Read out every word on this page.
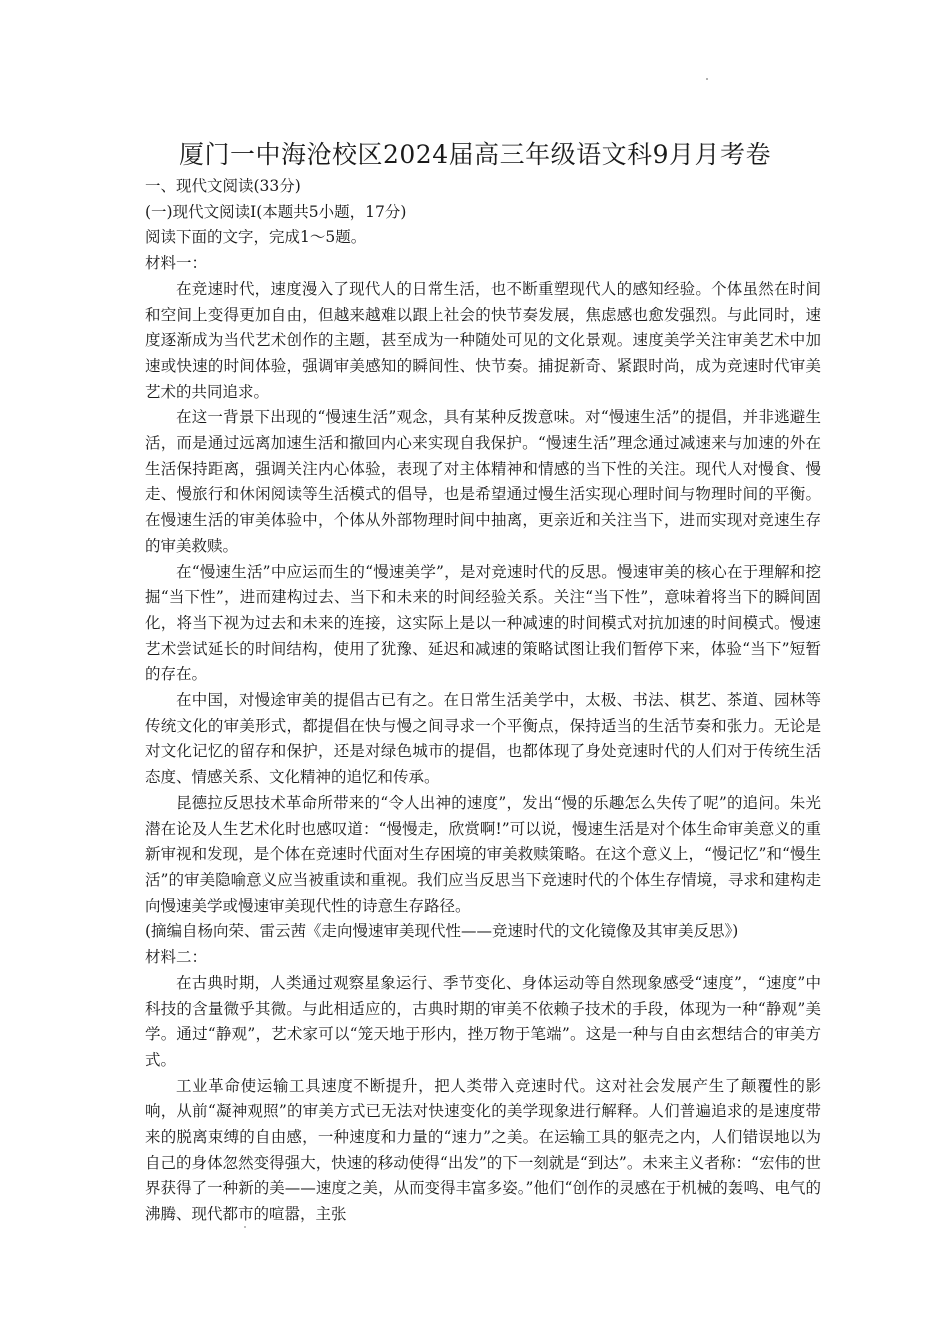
厦门一中海沧校区2024届高三年级语文科9月月考卷

一、现代文阅读(33分)

(一)现代文阅读I(本题共5小题，17分)

阅读下面的文字，完成1～5题。

材料一：

在竞速时代，速度漫入了现代人的日常生活，也不断重塑现代人的感知经验。个体虽然在时间和空间上变得更加自由，但越来越难以跟上社会的快节奏发展，焦虑感也愈发强烈。与此同时，速度逐渐成为当代艺术创作的主题，甚至成为一种随处可见的文化景观。速度美学关注审美艺术中加速或快速的时间体验，强调审美感知的瞬间性、快节奏。捕捉新奇、紧跟时尚，成为竞速时代审美艺术的共同追求。

在这一背景下出现的“慢速生活”观念，具有某种反拨意味。对“慢速生活”的提倡，并非逃避生活，而是通过远离加速生活和撤回内心来实现自我保护。“慢速生活”理念通过减速来与加速的外在生活保持距离，强调关注内心体验，表现了对主体精神和情感的当下性的关注。现代人对慢食、慢走、慢旅行和休闲阅读等生活模式的倡导，也是希望通过慢生活实现心理时间与物理时间的平衡。在慢速生活的审美体验中，个体从外部物理时间中抽离，更亲近和关注当下，进而实现对竞速生存的审美救赎。

在“慢速生活”中应运而生的“慢速美学”，是对竞速时代的反思。慢速审美的核心在于理解和挖掘“当下性”，进而建构过去、当下和未来的时间经验关系。关注“当下性”，意味着将当下的瞬间固化，将当下视为过去和未来的连接，这实际上是以一种减速的时间模式对抗加速的时间模式。慢速艺术尝试延长的时间结构，使用了犹豫、延迟和减速的策略试图让我们暂停下来，体验“当下”短暂的存在。

在中国，对慢途审美的提倡古已有之。在日常生活美学中，太极、书法、棋艺、茶道、园林等传统文化的审美形式，都提倡在快与慢之间寻求一个平衡点，保持适当的生活节奏和张力。无论是对文化记忆的留存和保护，还是对绿色城市的提倡，也都体现了身处竞速时代的人们对于传统生活态度、情感关系、文化精神的追忆和传承。

昆德拉反思技术革命所带来的“令人出神的速度”，发出“慢的乐趣怎么失传了呢”的追问。朱光潜在论及人生艺术化时也感叹道：“慢慢走，欣赏啊!”可以说，慢速生活是对个体生命审美意义的重新审视和发现，是个体在竞速时代面对生存困境的审美救赎策略。在这个意义上，“慢记忆”和“慢生活”的审美隐喻意义应当被重读和重视。我们应当反思当下竞速时代的个体生存情境，寻求和建构走向慢速美学或慢速审美现代性的诗意生存路径。

(摘编自杨向荣、雷云茜《走向慢速审美现代性——竞速时代的文化镜像及其审美反思》)

材料二：

在古典时期，人类通过观察星象运行、季节变化、身体运动等自然现象感受“速度”，“速度”中科技的含量微乎其微。与此相适应的，古典时期的审美不依赖子技术的手段，体现为一种“静观”美学。通过“静观”，艺术家可以“笼天地于形内，挫万物于笔端”。这是一种与自由玄想结合的审美方式。

工业革命使运输工具速度不断提升，把人类带入竞速时代。这对社会发展产生了颠覆性的影响，从前“凝神观照”的审美方式已无法对快速变化的美学现象进行解释。人们普遍追求的是速度带来的脱离束缚的自由感，一种速度和力量的“速力”之美。在运输工具的躯壳之内，人们错误地以为自己的身体忽然变得强大，快速的移动使得“出发”的下一刻就是“到达”。未来主义者称：“宏伟的世界获得了一种新的美——速度之美，从而变得丰富多姿。”他们“创作的灵感在于机械的轰鸣、电气的沸腾、现代都市的喧嚣，主张
